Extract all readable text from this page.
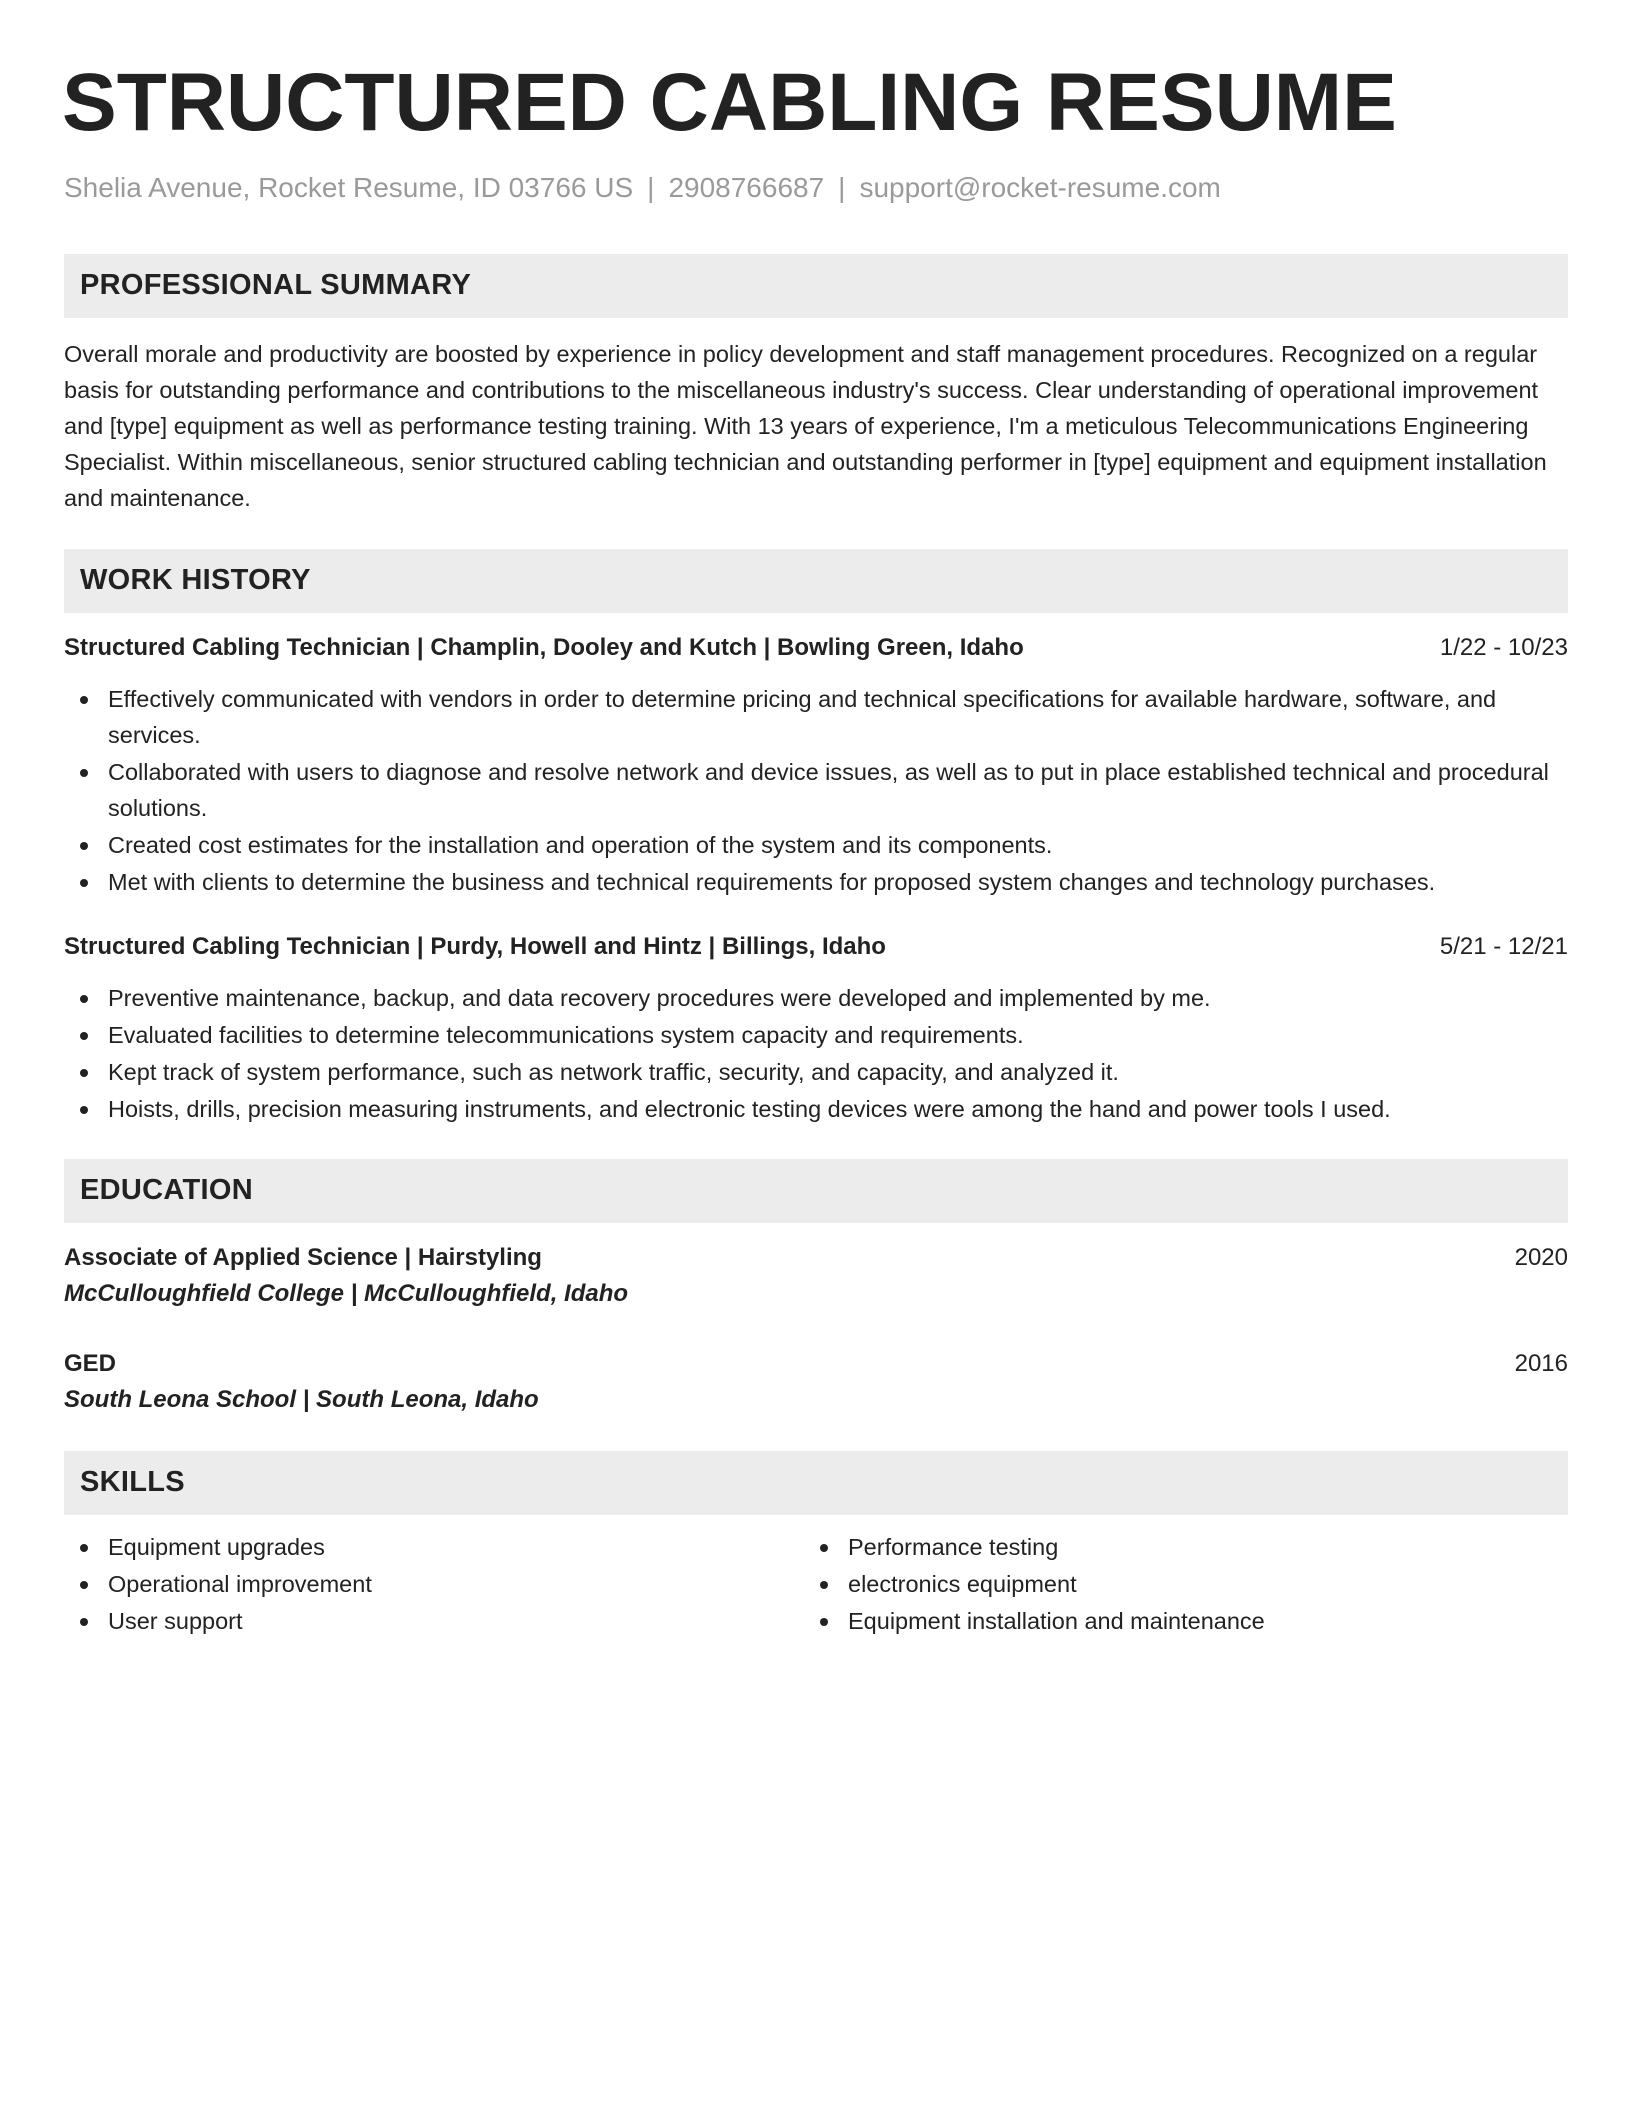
STRUCTURED CABLING RESUME
Shelia Avenue, Rocket Resume, ID 03766 US | 2908766687 | support@rocket-resume.com
PROFESSIONAL SUMMARY
Overall morale and productivity are boosted by experience in policy development and staff management procedures. Recognized on a regular basis for outstanding performance and contributions to the miscellaneous industry's success. Clear understanding of operational improvement and [type] equipment as well as performance testing training. With 13 years of experience, I'm a meticulous Telecommunications Engineering Specialist. Within miscellaneous, senior structured cabling technician and outstanding performer in [type] equipment and equipment installation and maintenance.
WORK HISTORY
Structured Cabling Technician | Champlin, Dooley and Kutch | Bowling Green, Idaho	1/22 - 10/23
Effectively communicated with vendors in order to determine pricing and technical specifications for available hardware, software, and services.
Collaborated with users to diagnose and resolve network and device issues, as well as to put in place established technical and procedural solutions.
Created cost estimates for the installation and operation of the system and its components.
Met with clients to determine the business and technical requirements for proposed system changes and technology purchases.
Structured Cabling Technician | Purdy, Howell and Hintz | Billings, Idaho	5/21 - 12/21
Preventive maintenance, backup, and data recovery procedures were developed and implemented by me.
Evaluated facilities to determine telecommunications system capacity and requirements.
Kept track of system performance, such as network traffic, security, and capacity, and analyzed it.
Hoists, drills, precision measuring instruments, and electronic testing devices were among the hand and power tools I used.
EDUCATION
Associate of Applied Science | Hairstyling	2020
McCulloughfield College | McCulloughfield, Idaho
GED	2016
South Leona School | South Leona, Idaho
SKILLS
Equipment upgrades
Operational improvement
User support
Performance testing
electronics equipment
Equipment installation and maintenance
